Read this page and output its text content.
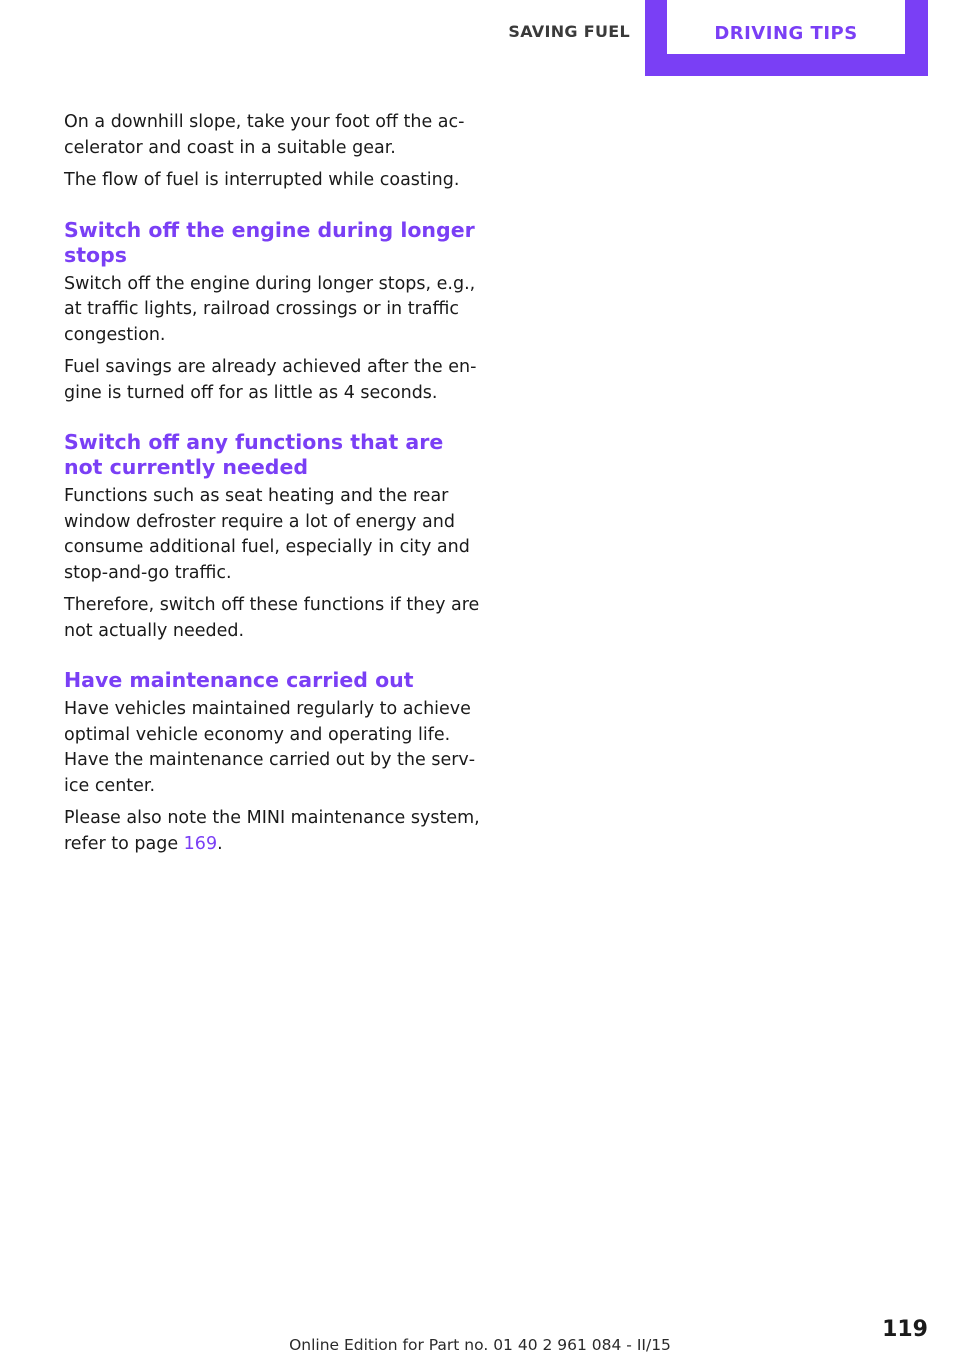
SAVING FUEL	DRIVING TIPS

On a downhill slope, take your foot off the ac‐celerator and coast in a suitable gear.

The flow of fuel is interrupted while coasting.

Switch off the engine during longer stops

Switch off the engine during longer stops, e.g., at traffic lights, railroad crossings or in traffic congestion.

Fuel savings are already achieved after the en‐gine is turned off for as little as 4 seconds.

Switch off any functions that are not currently needed

Functions such as seat heating and the rear window defroster require a lot of energy and consume additional fuel, especially in city and stop-and-go traffic.

Therefore, switch off these functions if they are not actually needed.

Have maintenance carried out

Have vehicles maintained regularly to achieve optimal vehicle economy and operating life. Have the maintenance carried out by the serv‐ice center.

Please also note the MINI maintenance system, refer to page 169.

119
Online Edition for Part no. 01 40 2 961 084 - II/15
